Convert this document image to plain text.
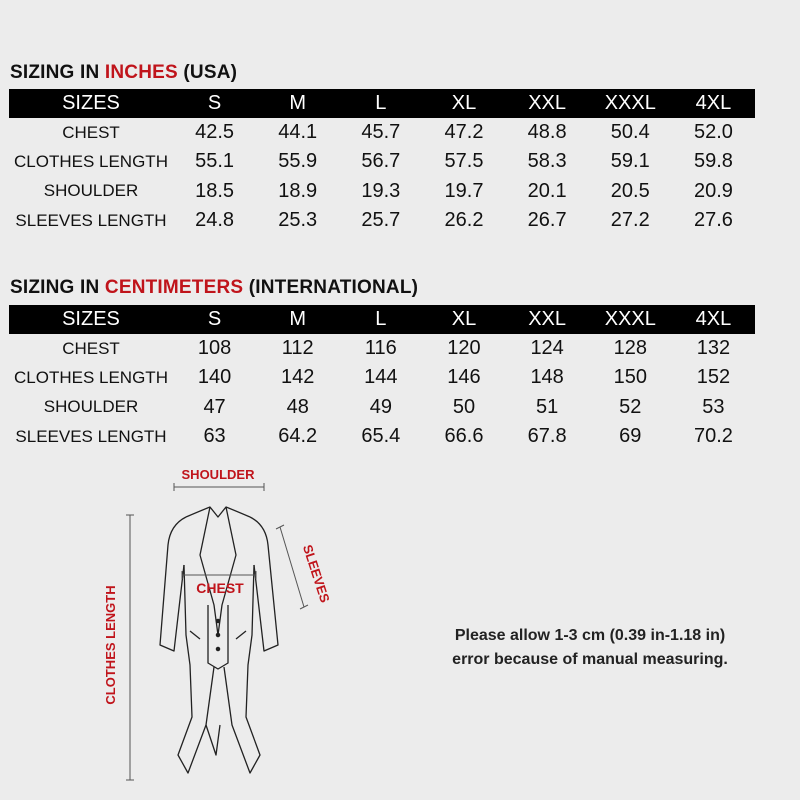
SIZING IN INCHES (USA)
SIZES	S	M	L	XL	XXL	XXXL	4XL
CHEST	42.5	44.1	45.7	47.2	48.8	50.4	52.0
CLOTHES LENGTH	55.1	55.9	56.7	57.5	58.3	59.1	59.8
SHOULDER	18.5	18.9	19.3	19.7	20.1	20.5	20.9
SLEEVES LENGTH	24.8	25.3	25.7	26.2	26.7	27.2	27.6
SIZING IN CENTIMETERS (INTERNATIONAL)
SIZES	S	M	L	XL	XXL	XXXL	4XL
CHEST	108	112	116	120	124	128	132
CLOTHES LENGTH	140	142	144	146	148	150	152
SHOULDER	47	48	49	50	51	52	53
SLEEVES LENGTH	63	64.2	65.4	66.6	67.8	69	70.2
CLOTHES LENGTH
SHOULDER
CHEST	SLEEVES
Please allow 1-3 cm (0.39 in-1.18 in)
error because of manual measuring.
